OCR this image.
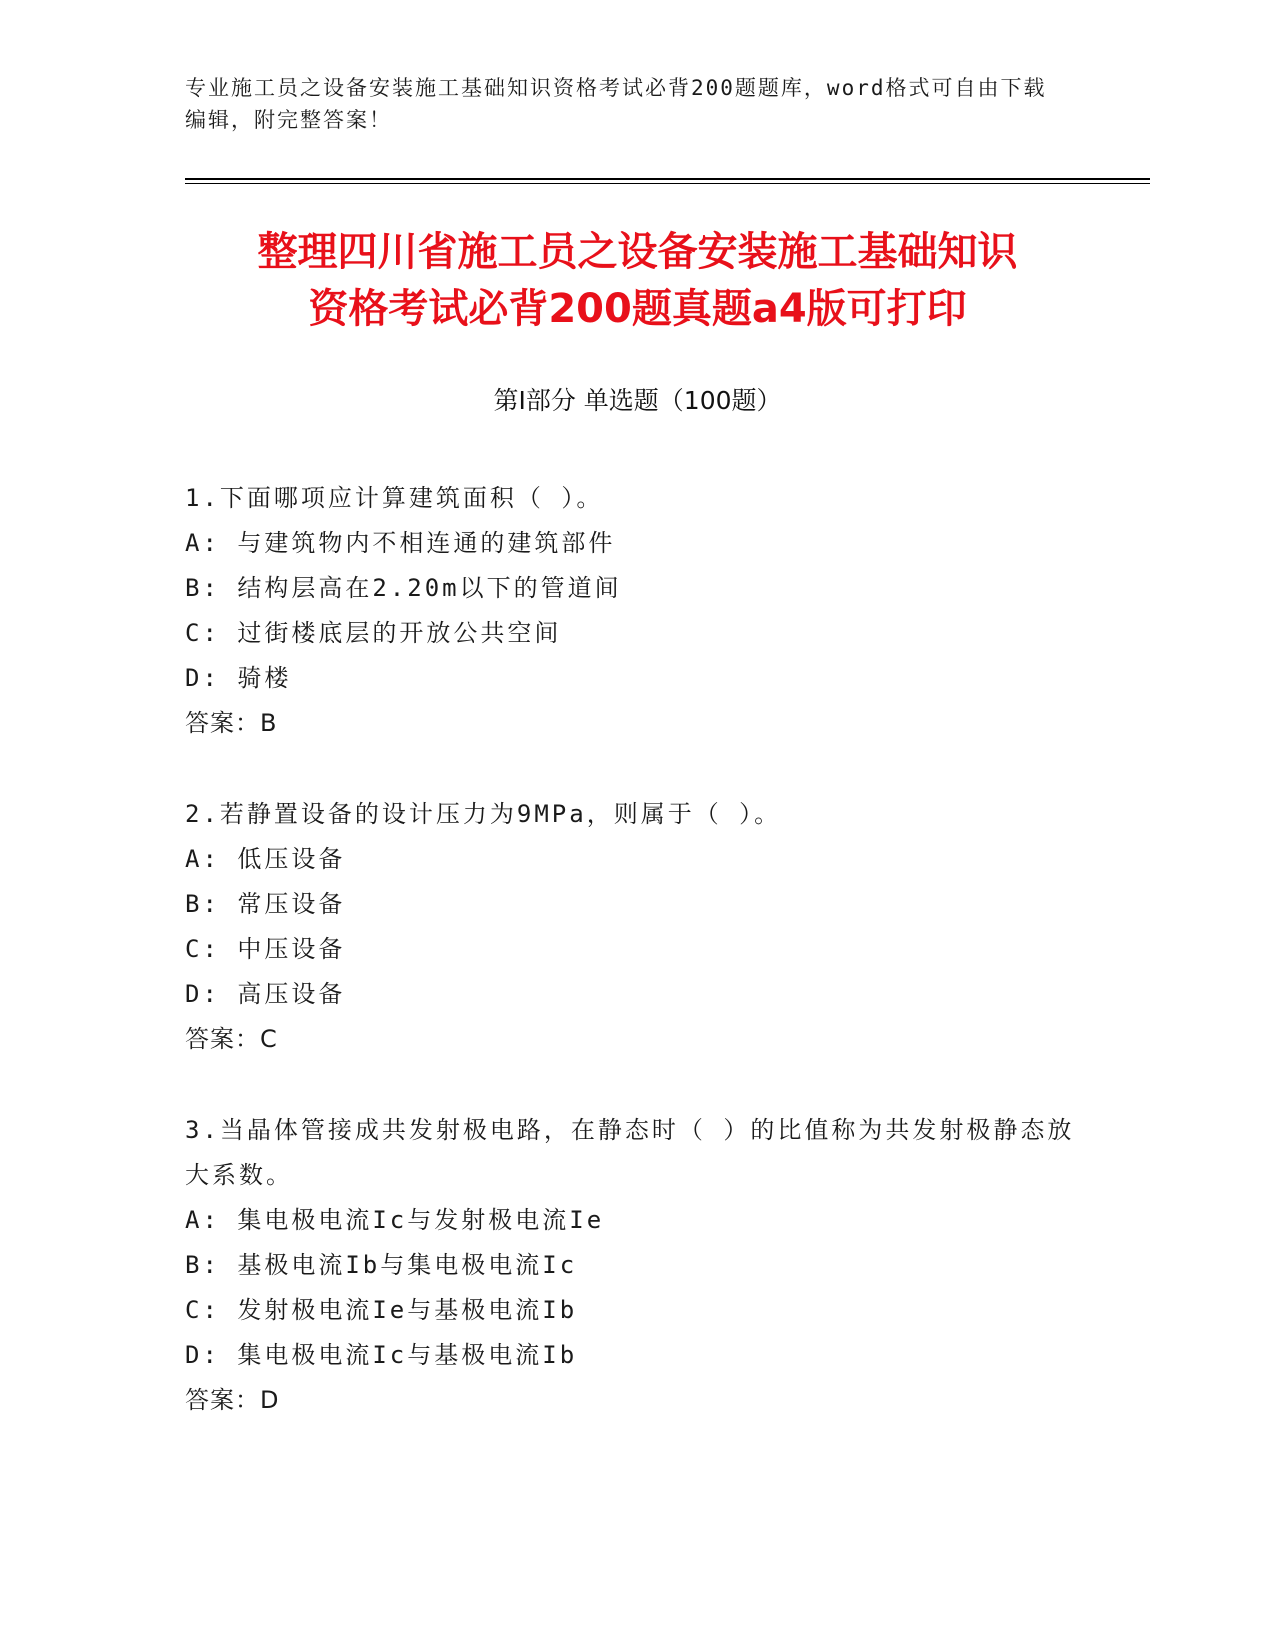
专业施工员之设备安装施工基础知识资格考试必背200题题库，word格式可自由下载编辑，附完整答案！
整理四川省施工员之设备安装施工基础知识
资格考试必背200题真题a4版可打印
第Ⅰ部分 单选题（100题）
1.下面哪项应计算建筑面积（ ）。
A: 与建筑物内不相连通的建筑部件
B: 结构层高在2.20m以下的管道间
C: 过街楼底层的开放公共空间
D: 骑楼
答案：B
2.若静置设备的设计压力为9MPa，则属于（ ）。
A: 低压设备
B: 常压设备
C: 中压设备
D: 高压设备
答案：C
3.当晶体管接成共发射极电路，在静态时（ ）的比值称为共发射极静态放大系数。
A: 集电极电流Ic与发射极电流Ie
B: 基极电流Ib与集电极电流Ic
C: 发射极电流Ie与基极电流Ib
D: 集电极电流Ic与基极电流Ib
答案：D
